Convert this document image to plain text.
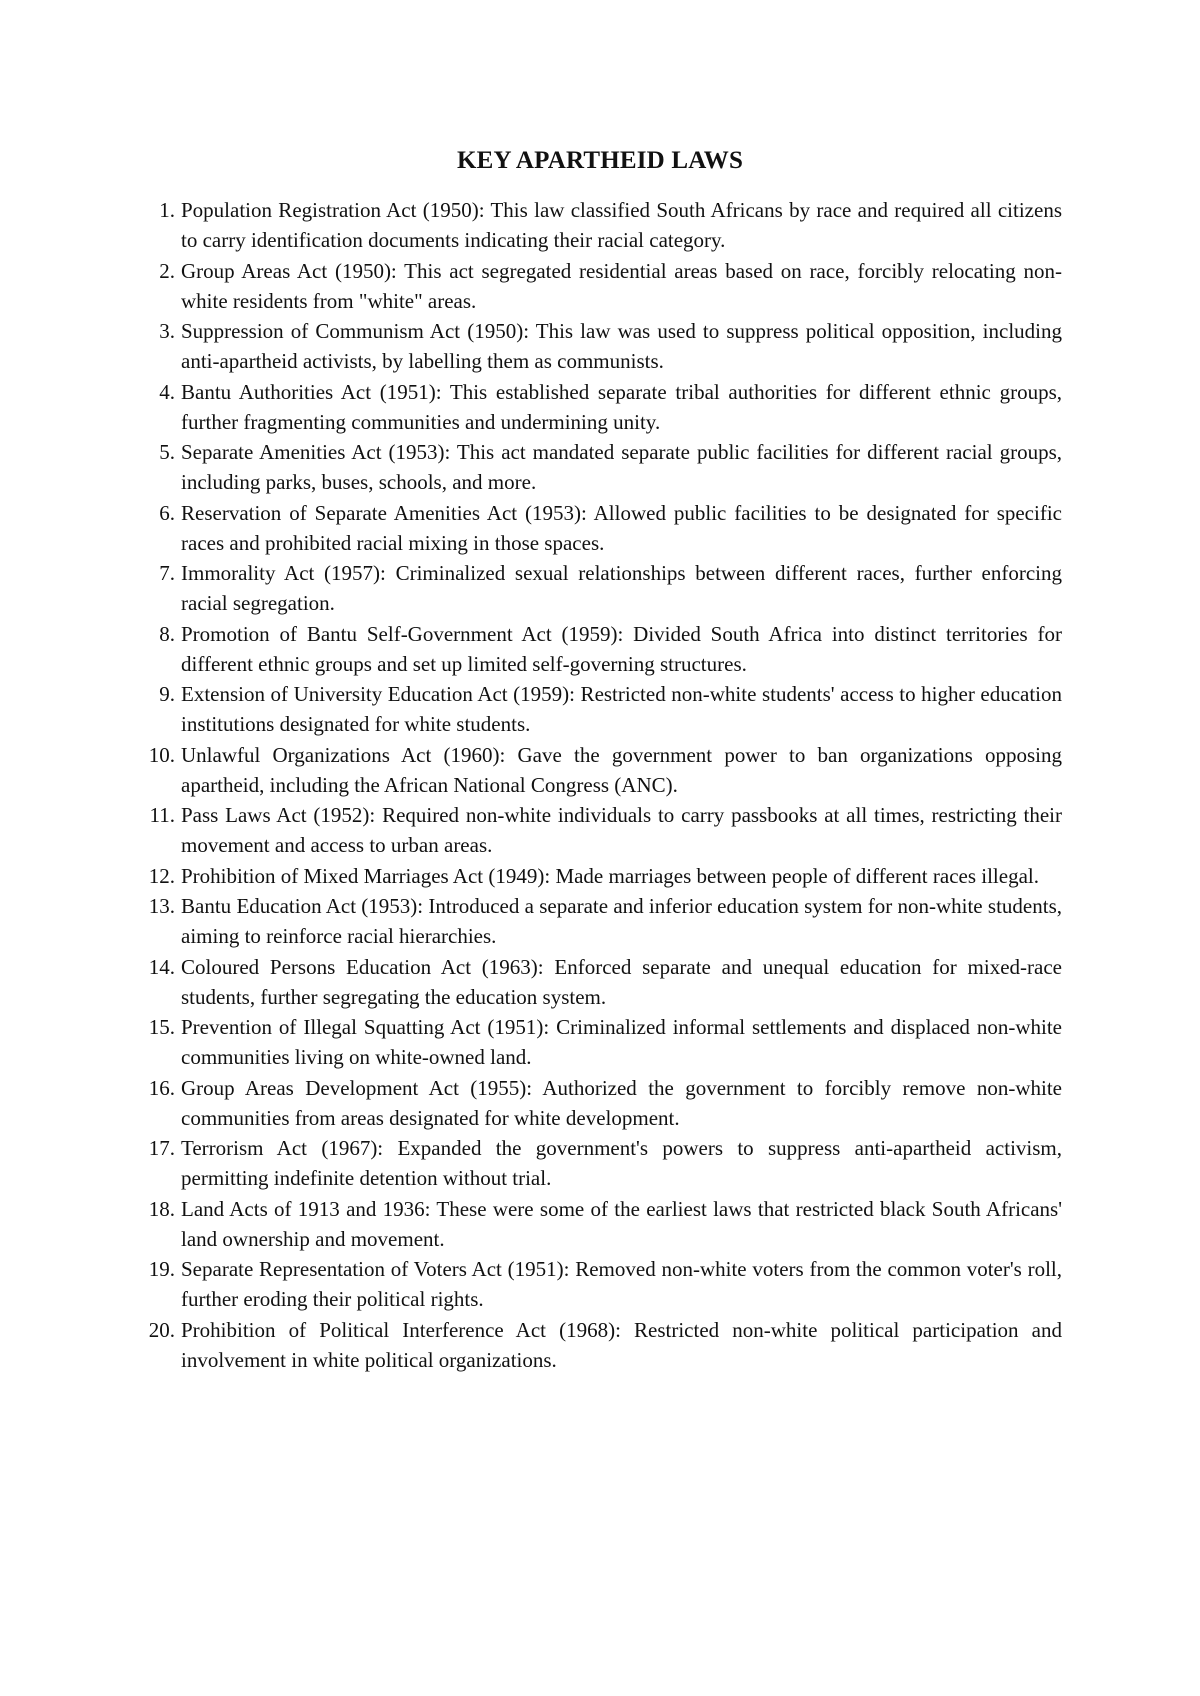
KEY APARTHEID LAWS
1. Population Registration Act (1950): This law classified South Africans by race and required all citizens to carry identification documents indicating their racial category.
2. Group Areas Act (1950): This act segregated residential areas based on race, forcibly relocating non-white residents from "white" areas.
3. Suppression of Communism Act (1950): This law was used to suppress political opposition, including anti-apartheid activists, by labelling them as communists.
4. Bantu Authorities Act (1951): This established separate tribal authorities for different ethnic groups, further fragmenting communities and undermining unity.
5. Separate Amenities Act (1953): This act mandated separate public facilities for different racial groups, including parks, buses, schools, and more.
6. Reservation of Separate Amenities Act (1953): Allowed public facilities to be designated for specific races and prohibited racial mixing in those spaces.
7. Immorality Act (1957): Criminalized sexual relationships between different races, further enforcing racial segregation.
8. Promotion of Bantu Self-Government Act (1959): Divided South Africa into distinct territories for different ethnic groups and set up limited self-governing structures.
9. Extension of University Education Act (1959): Restricted non-white students' access to higher education institutions designated for white students.
10. Unlawful Organizations Act (1960): Gave the government power to ban organizations opposing apartheid, including the African National Congress (ANC).
11. Pass Laws Act (1952): Required non-white individuals to carry passbooks at all times, restricting their movement and access to urban areas.
12. Prohibition of Mixed Marriages Act (1949): Made marriages between people of different races illegal.
13. Bantu Education Act (1953): Introduced a separate and inferior education system for non-white students, aiming to reinforce racial hierarchies.
14. Coloured Persons Education Act (1963): Enforced separate and unequal education for mixed-race students, further segregating the education system.
15. Prevention of Illegal Squatting Act (1951): Criminalized informal settlements and displaced non-white communities living on white-owned land.
16. Group Areas Development Act (1955): Authorized the government to forcibly remove non-white communities from areas designated for white development.
17. Terrorism Act (1967): Expanded the government's powers to suppress anti-apartheid activism, permitting indefinite detention without trial.
18. Land Acts of 1913 and 1936: These were some of the earliest laws that restricted black South Africans' land ownership and movement.
19. Separate Representation of Voters Act (1951): Removed non-white voters from the common voter's roll, further eroding their political rights.
20. Prohibition of Political Interference Act (1968): Restricted non-white political participation and involvement in white political organizations.
